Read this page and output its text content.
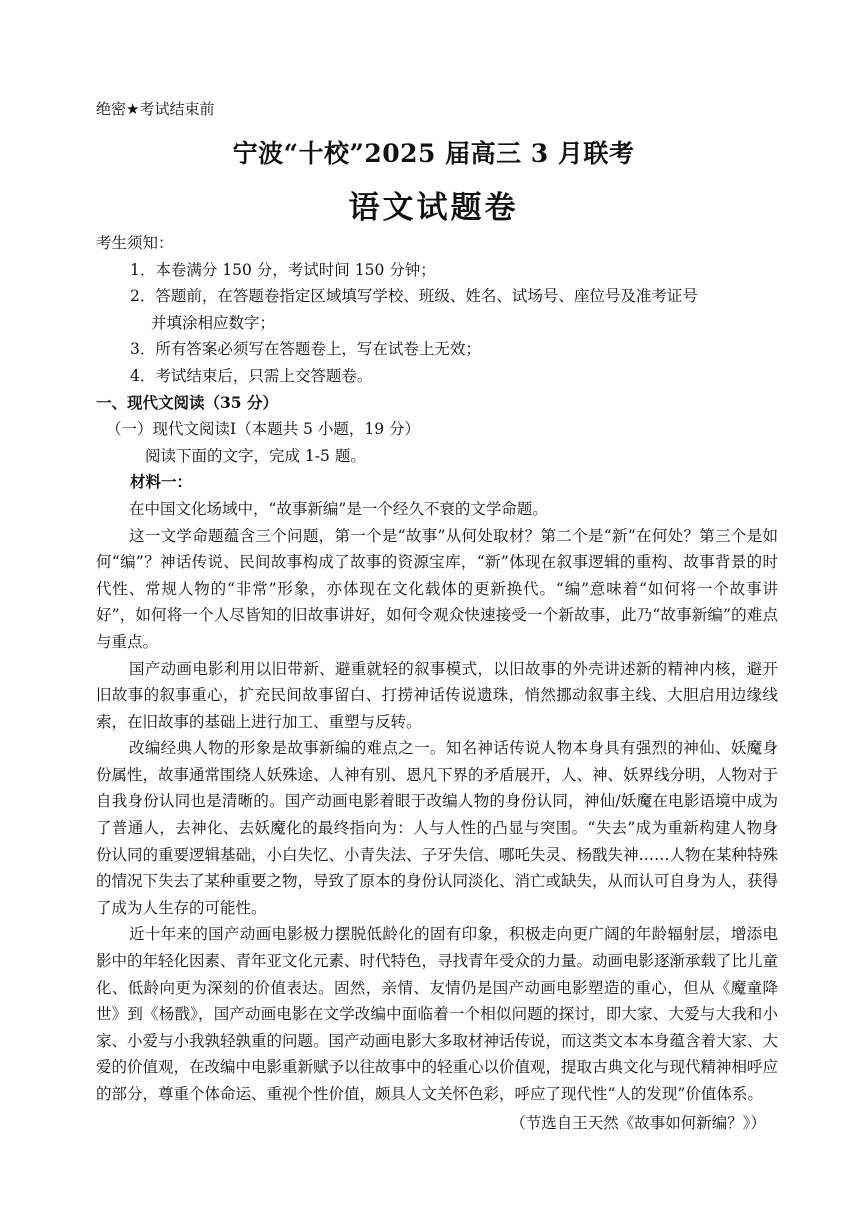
绝密★考试结束前
宁波“十校”2025 届高三 3 月联考
语文试题卷

考生须知：

1．本卷满分 150 分，考试时间 150 分钟；

2．答题前，在答题卷指定区域填写学校、班级、姓名、试场号、座位号及准考证号

并填涂相应数字；

3．所有答案必须写在答题卷上，写在试卷上无效；

4．考试结束后，只需上交答题卷。

一、现代文阅读（35 分）

（一）现代文阅读Ⅰ（本题共 5 小题，19 分）

阅读下面的文字，完成 1-5 题。

材料一：

在中国文化场域中，“故事新编”是一个经久不衰的文学命题。

这一文学命题蕴含三个问题，第一个是“故事”从何处取材？第二个是“新”在何处？第三个是如何“编”？神话传说、民间故事构成了故事的资源宝库，“新”体现在叙事逻辑的重构、故事背景的时代性、常规人物的“非常”形象，亦体现在文化载体的更新换代。“编”意味着“如何将一个故事讲好”，如何将一个人尽皆知的旧故事讲好，如何令观众快速接受一个新故事，此乃“故事新编”的难点与重点。

国产动画电影利用以旧带新、避重就轻的叙事模式，以旧故事的外壳讲述新的精神内核，避开旧故事的叙事重心，扩充民间故事留白、打捞神话传说遗珠，悄然挪动叙事主线、大胆启用边缘线索，在旧故事的基础上进行加工、重塑与反转。

改编经典人物的形象是故事新编的难点之一。知名神话传说人物本身具有强烈的神仙、妖魔身份属性，故事通常围绕人妖殊途、人神有别、恩凡下界的矛盾展开，人、神、妖界线分明，人物对于自我身份认同也是清晰的。国产动画电影着眼于改编人物的身份认同，神仙/妖魔在电影语境中成为了普通人，去神化、去妖魔化的最终指向为：人与人性的凸显与突围。“失去”成为重新构建人物身份认同的重要逻辑基础，小白失忆、小青失法、子牙失信、哪吒失灵、杨戬失神……人物在某种特殊的情况下失去了某种重要之物，导致了原本的身份认同淡化、消亡或缺失，从而认可自身为人，获得了成为人生存的可能性。

近十年来的国产动画电影极力摆脱低龄化的固有印象，积极走向更广阔的年龄辐射层，增添电影中的年轻化因素、青年亚文化元素、时代特色，寻找青年受众的力量。动画电影逐渐承载了比儿童化、低龄向更为深刻的价值表达。固然，亲情、友情仍是国产动画电影塑造的重心，但从《魔童降世》到《杨戬》，国产动画电影在文学改编中面临着一个相似问题的探讨，即大家、大爱与大我和小家、小爱与小我孰轻孰重的问题。国产动画电影大多取材神话传说，而这类文本本身蕴含着大家、大爱的价值观，在改编中电影重新赋予以往故事中的轻重心以价值观，提取古典文化与现代精神相呼应的部分，尊重个体命运、重视个性价值，颇具人文关怀色彩，呼应了现代性“人的发现”价值体系。

（节选自王天然《故事如何新编？》）
